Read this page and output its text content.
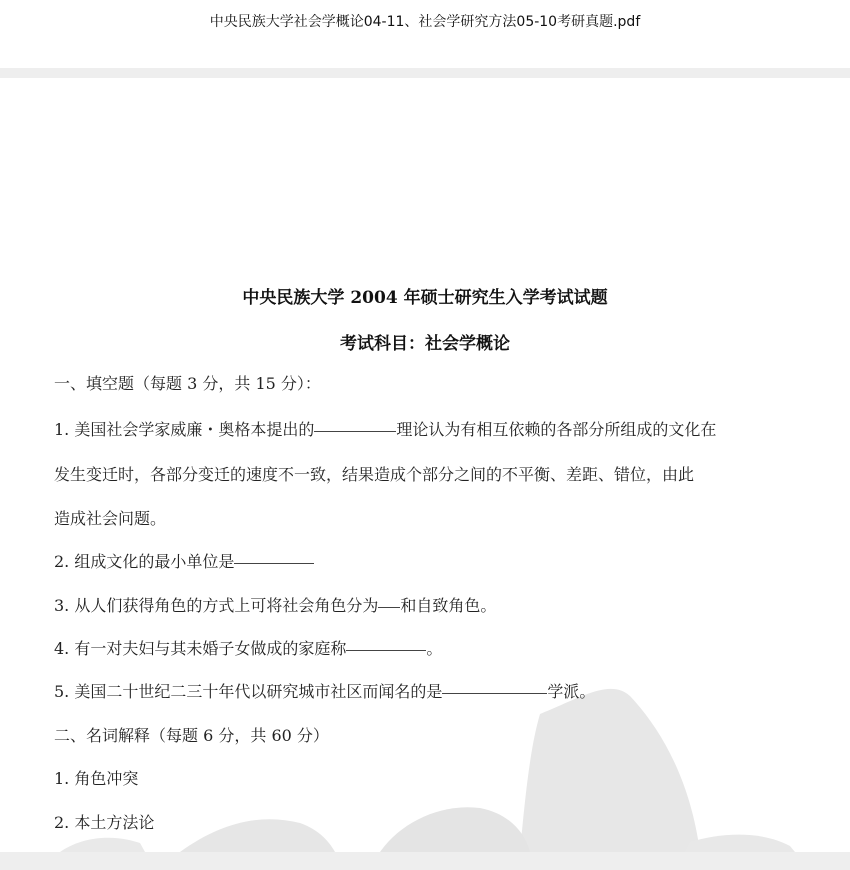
中央民族大学社会学概论04-11、社会学研究方法05-10考研真题.pdf
中央民族大学 2004 年硕士研究生入学考试试题
考试科目：社会学概论
一、填空题（每题 3 分，共 15 分）：
1. 美国社会学家威廉・奥格本提出的	理论认为有相互依赖的各部分所组成的文化在
发生变迁时，各部分变迁的速度不一致，结果造成个部分之间的不平衡、差距、错位，由此
造成社会问题。
2. 组成文化的最小单位是
3. 从人们获得角色的方式上可将社会角色分为 和自致角色。
4. 有一对夫妇与其未婚子女做成的家庭称	。
5. 美国二十世纪二三十年代以研究城市社区而闻名的是	学派。
二、名词解释（每题 6 分，共 60 分）
1. 角色冲突
2. 本土方法论
